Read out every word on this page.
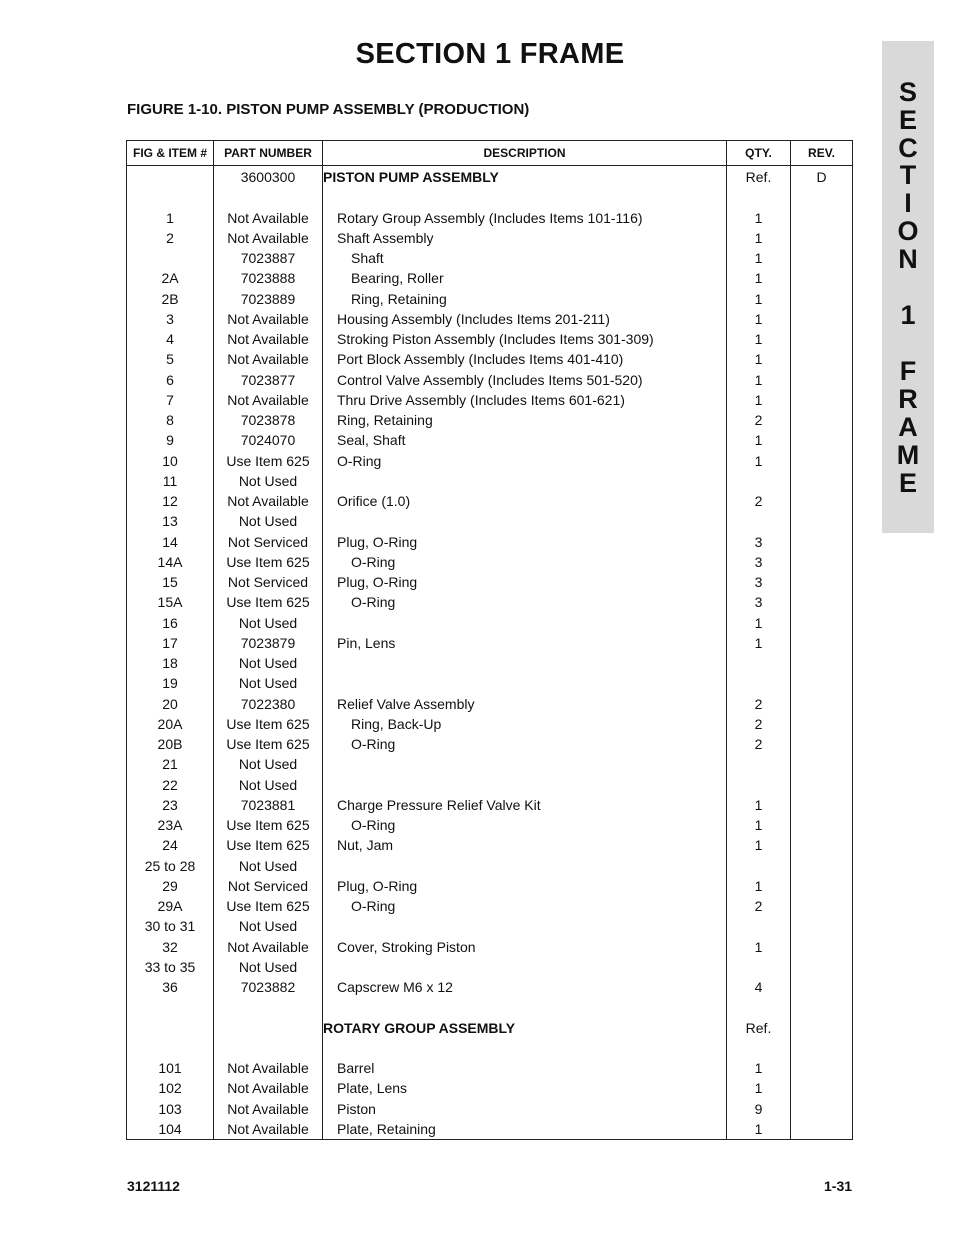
SECTION 1 FRAME
FIGURE 1-10. PISTON PUMP ASSEMBLY (PRODUCTION)
S
E
C
T
I
O
N
1
F
R
A
M
E
FIG & ITEM #	PART NUMBER	DESCRIPTION	QTY.	REV.
	3600300	PISTON PUMP ASSEMBLY	Ref.	D

1	Not Available	Rotary Group Assembly (Includes Items 101-116)	1	
2	Not Available	Shaft Assembly	1	
	7023887	Shaft	1	
2A	7023888	Bearing, Roller	1	
2B	7023889	Ring, Retaining	1	
3	Not Available	Housing Assembly (Includes Items 201-211)	1	
4	Not Available	Stroking Piston Assembly (Includes Items 301-309)	1	
5	Not Available	Port Block Assembly (Includes Items 401-410)	1	
6	7023877	Control Valve Assembly (Includes Items 501-520)	1	
7	Not Available	Thru Drive Assembly (Includes Items 601-621)	1	
8	7023878	Ring, Retaining	2	
9	7024070	Seal, Shaft	1	
10	Use Item 625	O-Ring	1	
11	Not Used			
12	Not Available	Orifice (1.0)	2	
13	Not Used			
14	Not Serviced	Plug, O-Ring	3	
14A	Use Item 625	O-Ring	3	
15	Not Serviced	Plug, O-Ring	3	
15A	Use Item 625	O-Ring	3	
16	Not Used		1	
17	7023879	Pin, Lens	1	
18	Not Used			
19	Not Used			
20	7022380	Relief Valve Assembly	2	
20A	Use Item 625	Ring, Back-Up	2	
20B	Use Item 625	O-Ring	2	
21	Not Used			
22	Not Used			
23	7023881	Charge Pressure Relief Valve Kit	1	
23A	Use Item 625	O-Ring	1	
24	Use Item 625	Nut, Jam	1	
25 to 28	Not Used			
29	Not Serviced	Plug, O-Ring	1	
29A	Use Item 625	O-Ring	2	
30 to 31	Not Used			
32	Not Available	Cover, Stroking Piston	1	
33 to 35	Not Used			
36	7023882	Capscrew M6 x 12	4	

		ROTARY GROUP ASSEMBLY	Ref.	

101	Not Available	Barrel	1	
102	Not Available	Plate, Lens	1	
103	Not Available	Piston	9	
104	Not Available	Plate, Retaining	1	
3121112	1-31
